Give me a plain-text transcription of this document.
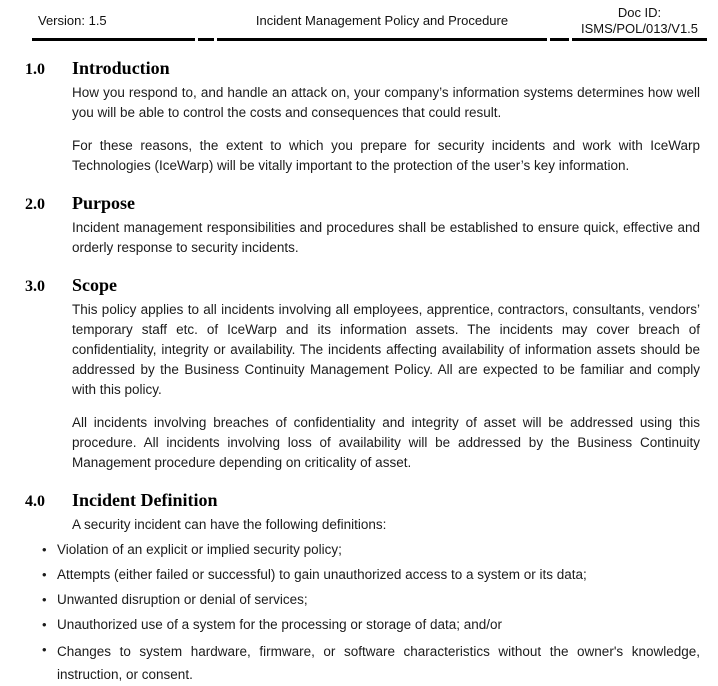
Version: 1.5	Incident Management Policy and Procedure
Doc ID:
ISMS/POL/013/V1.5
1.0	Introduction

How you respond to, and handle an attack on, your company’s information systems determines how well you will be able to control the costs and consequences that could result.

For these reasons, the extent to which you prepare for security incidents and work with IceWarp Technologies (IceWarp) will be vitally important to the protection of the user’s key information.

2.0	Purpose

Incident management responsibilities and procedures shall be established to ensure quick, effective and orderly response to security incidents.

3.0	Scope

This policy applies to all incidents involving all employees, apprentice, contractors, consultants, vendors’ temporary staff etc. of IceWarp and its information assets. The incidents may cover breach of confidentiality, integrity or availability. The incidents affecting availability of information assets should be addressed by the Business Continuity Management Policy. All are expected to be familiar and comply with this policy.

All incidents involving breaches of confidentiality and integrity of asset will be addressed using this procedure. All incidents involving loss of availability will be addressed by the Business Continuity Management procedure depending on criticality of asset.

4.0	Incident Definition

A security incident can have the following definitions:

• Violation of an explicit or implied security policy;
• Attempts (either failed or successful) to gain unauthorized access to a system or its data;
• Unwanted disruption or denial of services;
• Unauthorized use of a system for the processing or storage of data; and/or
• Changes to system hardware, firmware, or software characteristics without the owner's knowledge, instruction, or consent.
